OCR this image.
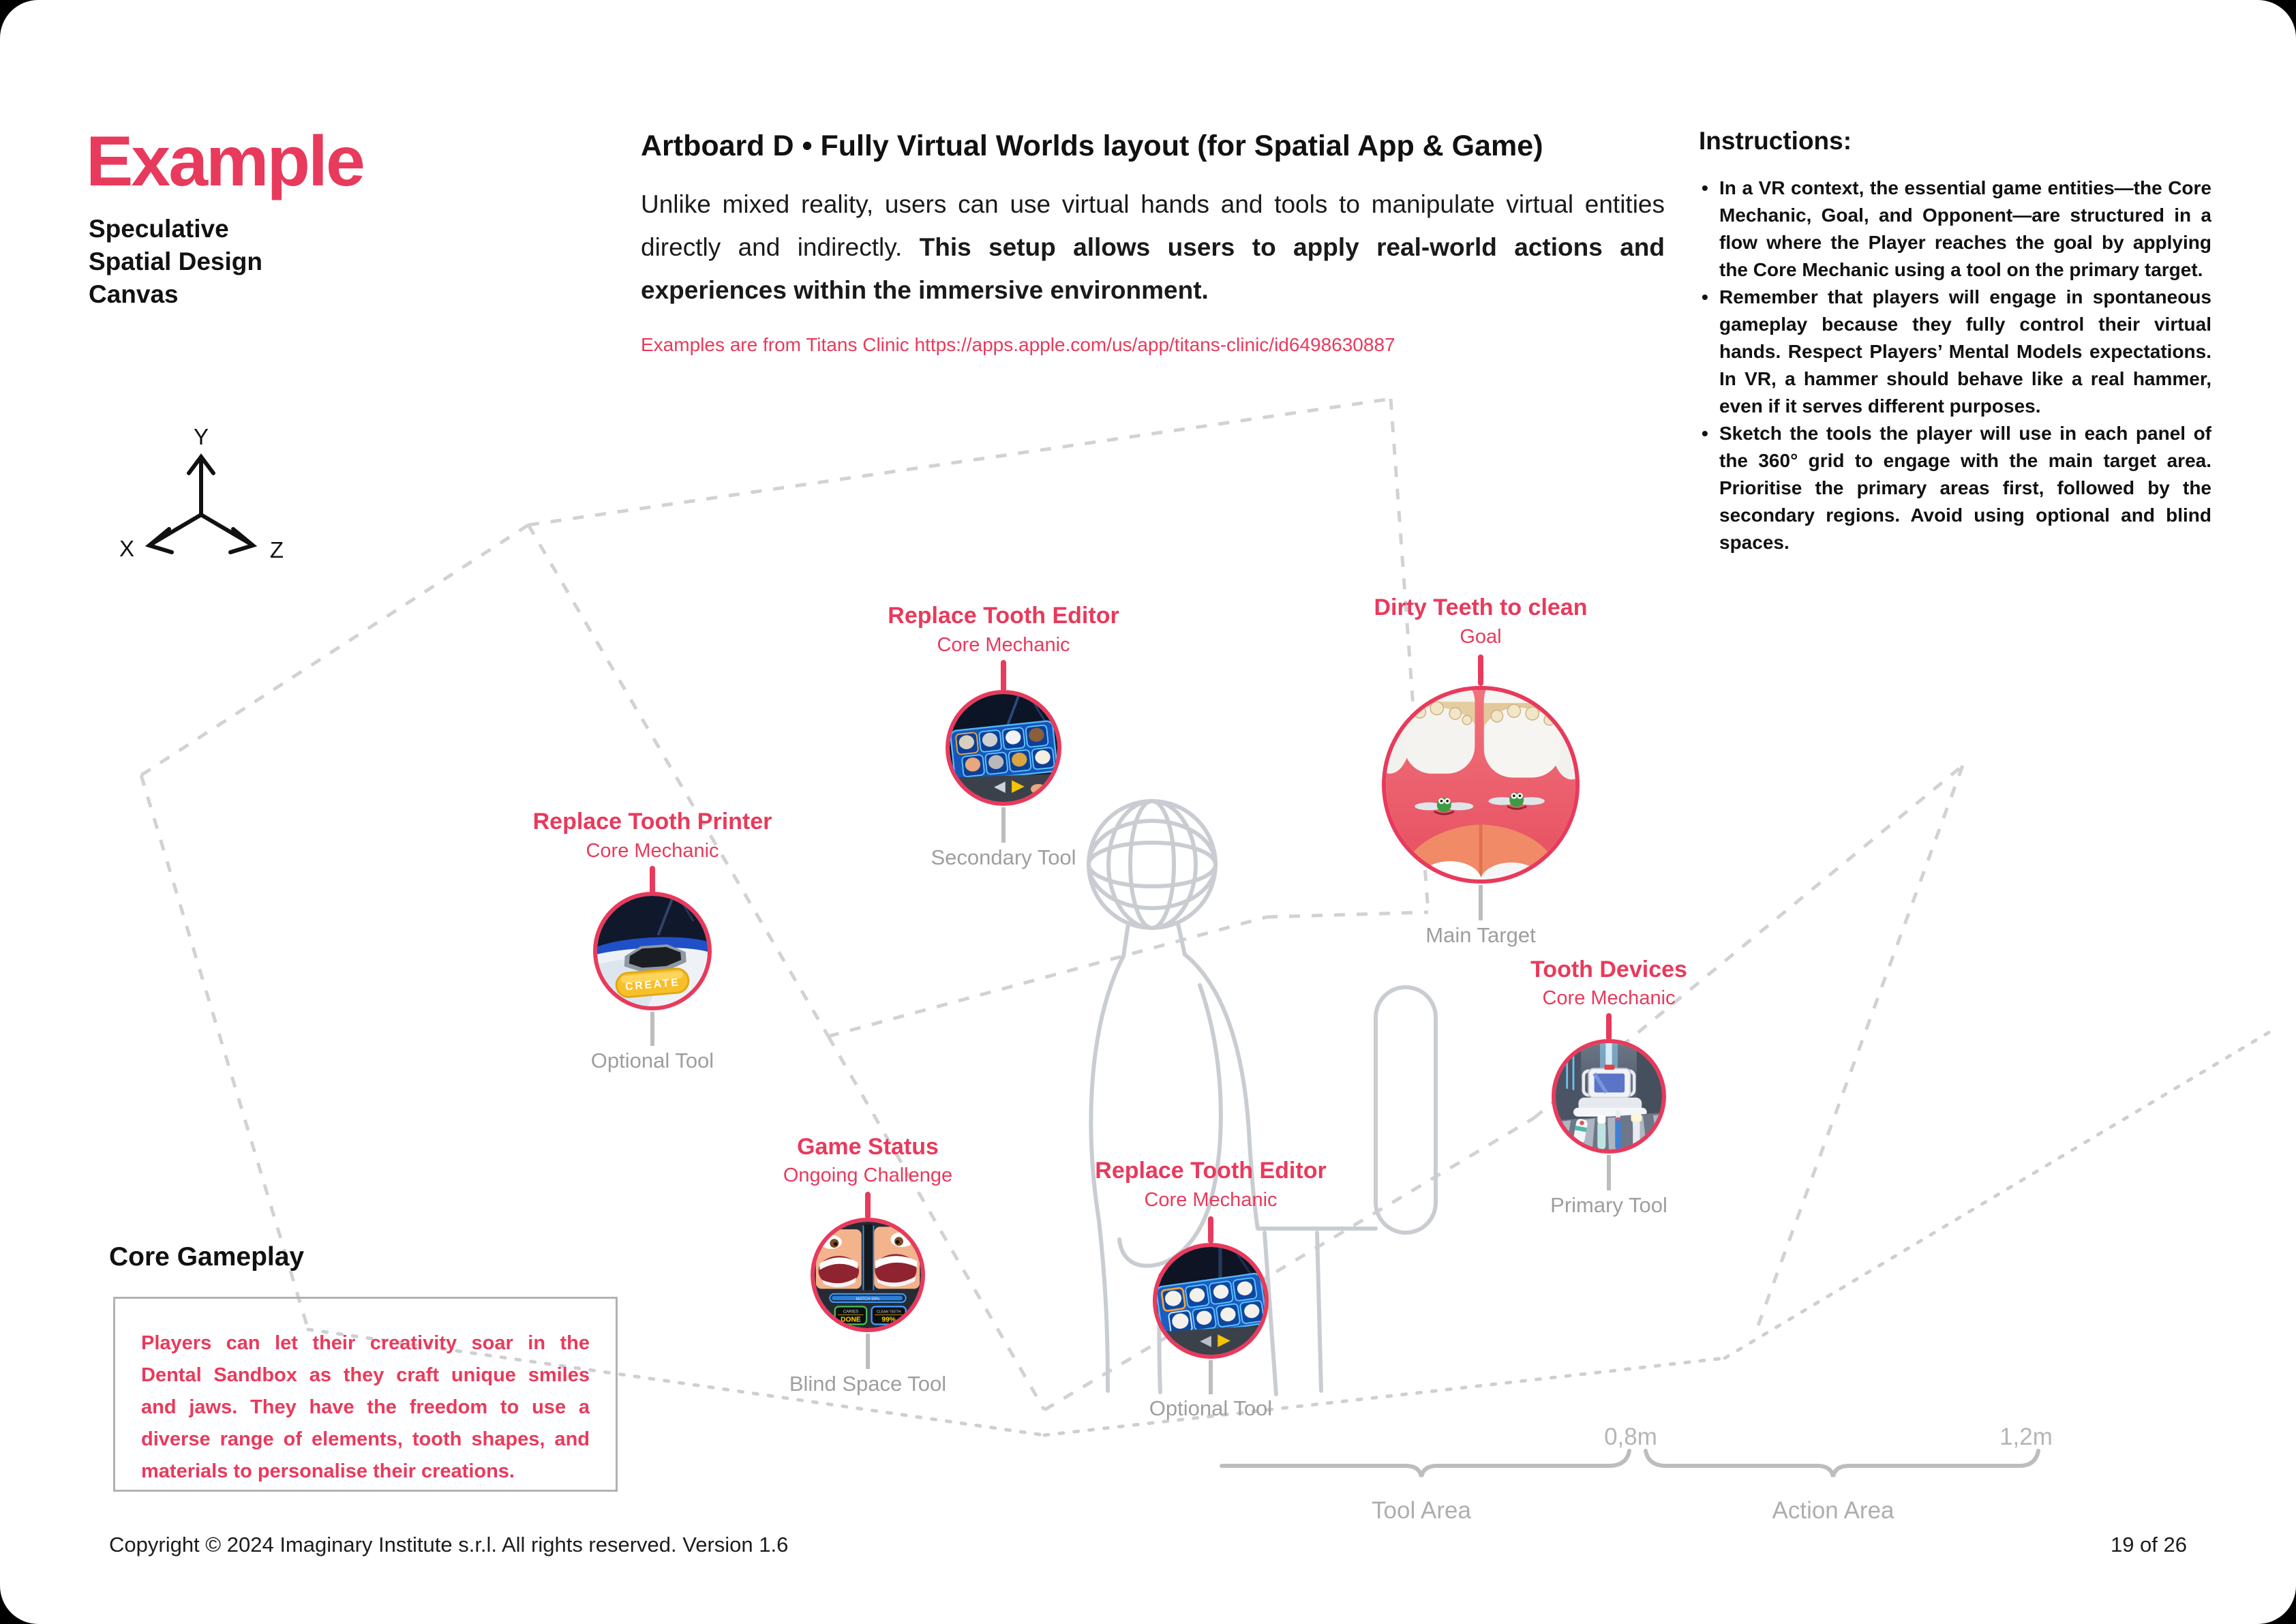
Y
X	Z
Example
Speculative
Spatial Design
Canvas
Artboard D • Fully Virtual Worlds layout (for Spatial App & Game)
Unlike mixed reality, users can use virtual hands and tools to manipulate virtual entities directly and indirectly. This setup allows users to apply real-world actions and experiences within the immersive environment.
Examples are from Titans Clinic https://apps.apple.com/us/app/titans-clinic/id6498630887
Instructions:
• In a VR context, the essential game entities—the Core Mechanic, Goal, and Opponent—are structured in a flow where the Player reaches the goal by applying the Core Mechanic using a tool on the primary target.
• Remember that players will engage in spontaneous gameplay because they fully control their virtual hands. Respect Players’ Mental Models expectations. In VR, a hammer should behave like a real hammer, even if it serves different purposes.
• Sketch the tools the player will use in each panel of the 360° grid to engage with the main target area. Prioritise the primary areas first, followed by the secondary regions. Avoid using optional and blind spaces.
Replace Tooth Editor
Core Mechanic
Secondary Tool
Dirty Teeth to clean
Goal
Main Target
Replace Tooth Printer
Core Mechanic
CREATE
Optional Tool
Game Status
Ongoing Challenge
MATCH 99%
CARIES
DONE
CLEAN TEETH
99%
Blind Space Tool
Replace Tooth Editor
Core Mechanic
Optional Tool
Tooth Devices
Core Mechanic
Primary Tool
Core Gameplay

Players can let their creativity soar in the Dental Sandbox as they craft unique smiles and jaws. They have the freedom to use a diverse range of elements, tooth shapes, and materials to personalise their creations.

0,8m	1,2m
Tool Area	Action Area
Copyright © 2024 Imaginary Institute s.r.l. All rights reserved. Version 1.6	19 of 26
